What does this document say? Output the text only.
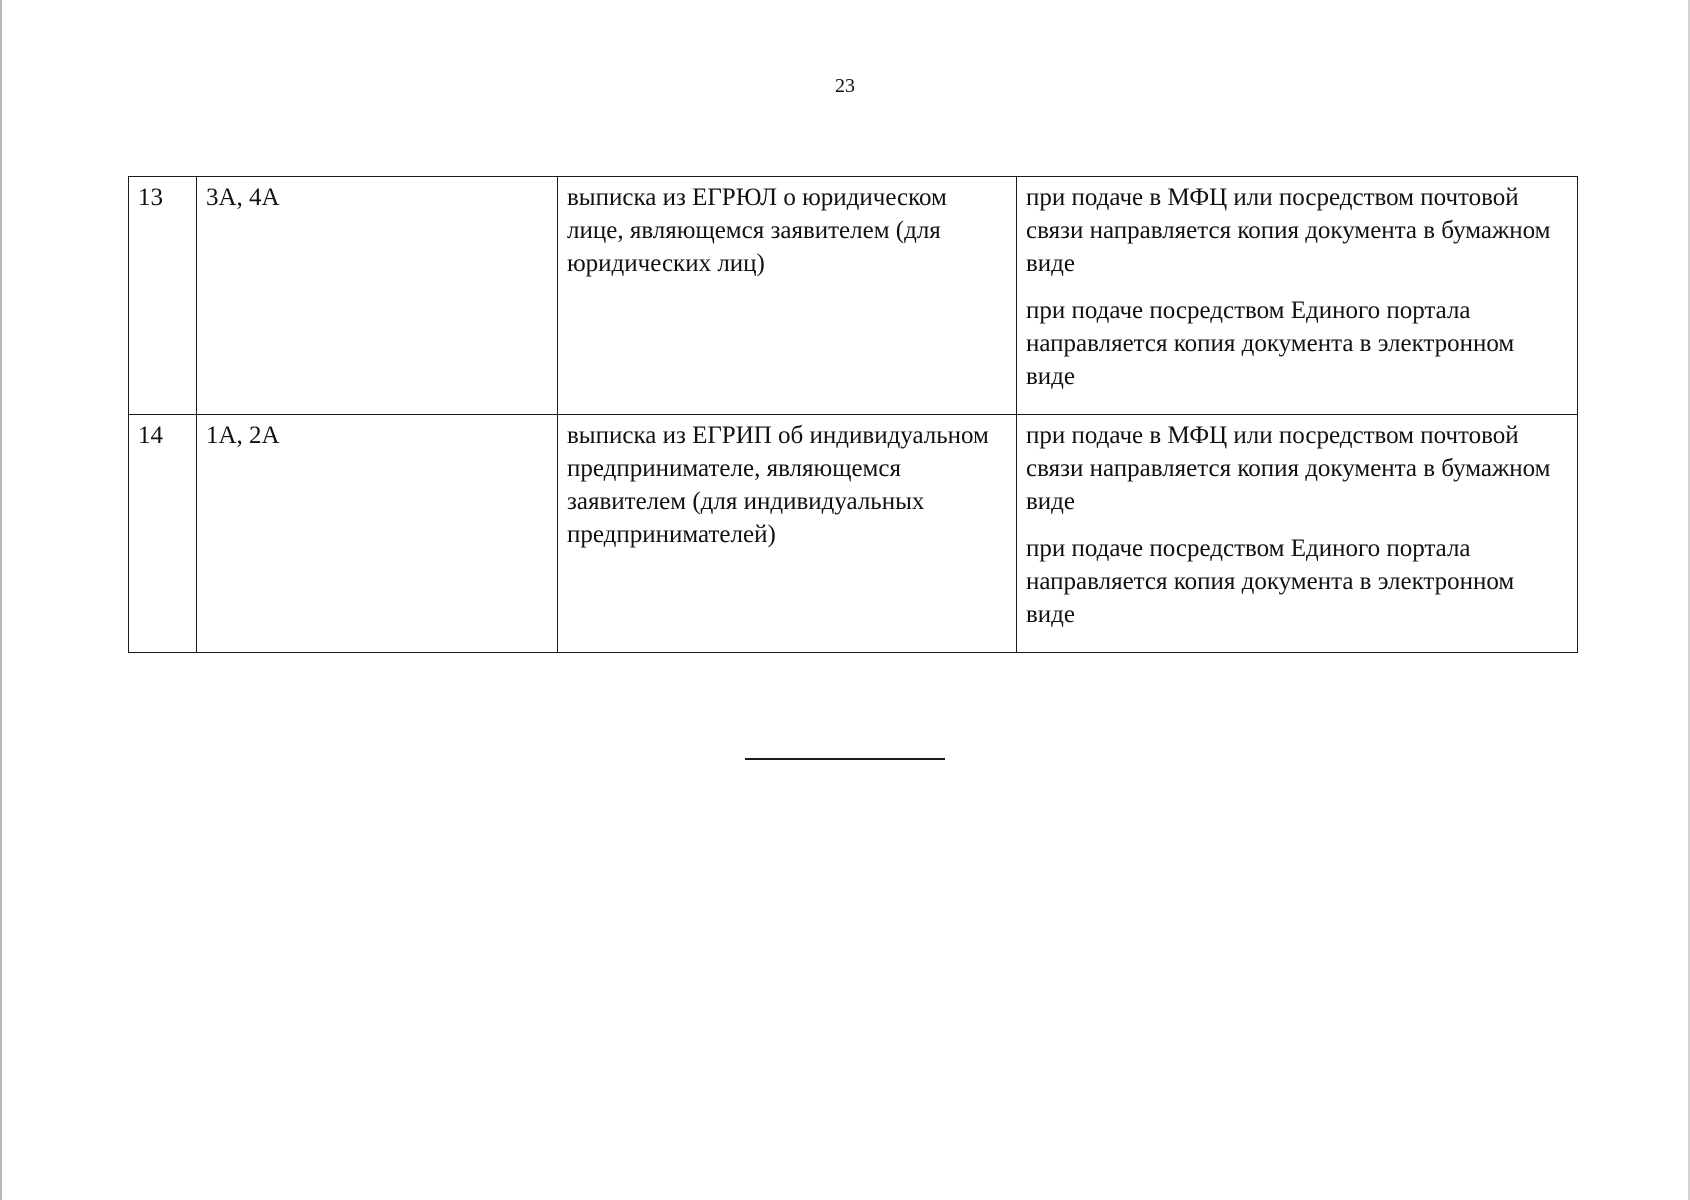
23
13	3А, 4А	выписка из ЕГРЮЛ о юридическом лице, являющемся заявителем (для юридических лиц)	при подаче в МФЦ или посредством почтовой связи направляется копия документа в бумажном виде

при подаче посредством Единого портала направляется копия документа в электронном виде

14	1А, 2А	выписка из ЕГРИП об индивидуальном предпринимателе, являющемся заявителем (для индивидуальных предпринимателей)	при подаче в МФЦ или посредством почтовой связи направляется копия документа в бумажном виде

при подаче посредством Единого портала направляется копия документа в электронном виде
